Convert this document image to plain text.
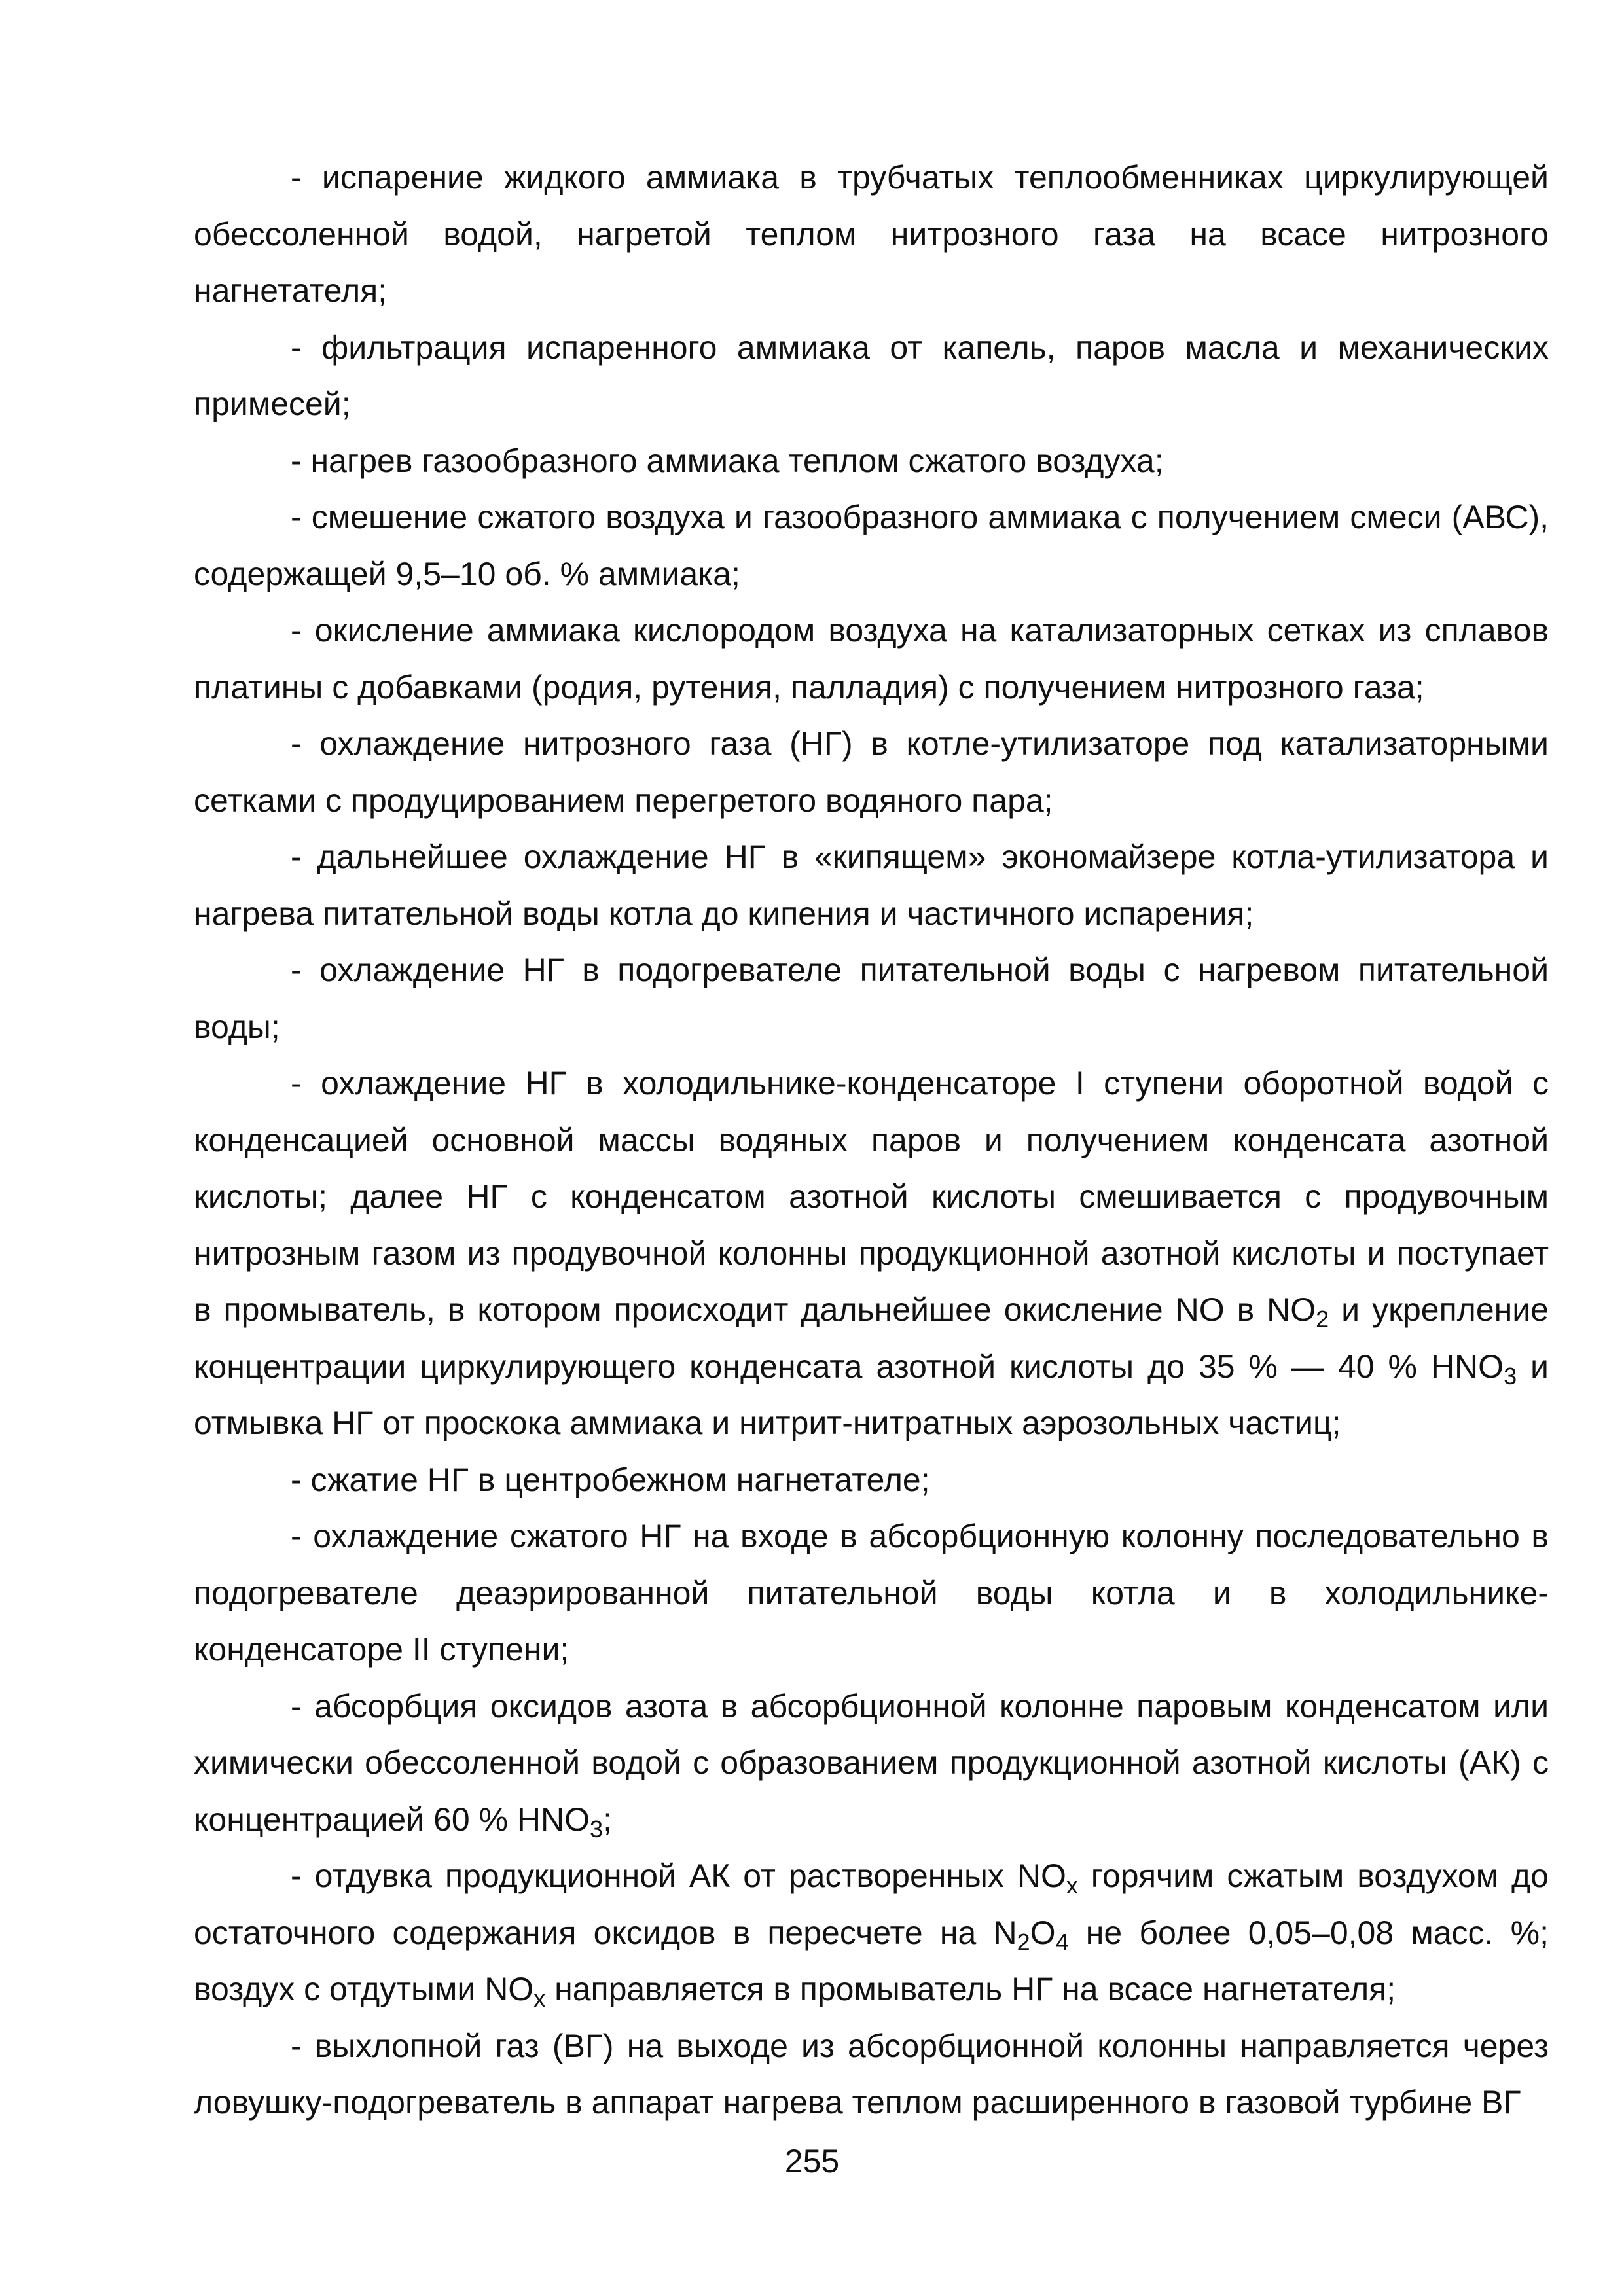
- испарение жидкого аммиака в трубчатых теплообменниках циркулирующей обессоленной водой, нагретой теплом нитрозного газа на всасе нитрозного нагнетателя;

- фильтрация испаренного аммиака от капель, паров масла и механических примесей;

- нагрев газообразного аммиака теплом сжатого воздуха;

- смешение сжатого воздуха и газообразного аммиака с получением смеси (АВС), содержащей 9,5–10 об. % аммиака;

- окисление аммиака кислородом воздуха на катализаторных сетках из сплавов платины с добавками (родия, рутения, палладия) с получением нитрозного газа;

- охлаждение нитрозного газа (НГ) в котле-утилизаторе под катализаторными сетками с продуцированием перегретого водяного пара;

- дальнейшее охлаждение НГ в «кипящем» экономайзере котла-утилизатора и нагрева питательной воды котла до кипения и частичного испарения;

- охлаждение НГ в подогревателе питательной воды с нагревом питательной воды;

- охлаждение НГ в холодильнике-конденсаторе I ступени оборотной водой с конденсацией основной массы водяных паров и получением конденсата азотной кислоты; далее НГ с конденсатом азотной кислоты смешивается с продувочным нитрозным газом из продувочной колонны продукционной азотной кислоты и поступает в промыватель, в котором происходит дальнейшее окисление NO в $NO_2$ и укрепление концентрации циркулирующего конденсата азотной кислоты до 35 % — 40 % $HNO_3$ и отмывка НГ от проскока аммиака и нитрит-нитратных аэрозольных частиц;

- сжатие НГ в центробежном нагнетателе;

- охлаждение сжатого НГ на входе в абсорбционную колонну последовательно в подогревателе деаэрированной питательной воды котла и в холодильнике-конденсаторе II ступени;

- абсорбция оксидов азота в абсорбционной колонне паровым конденсатом или химически обессоленной водой с образованием продукционной азотной кислоты (АК) с концентрацией 60 % $HNO_3$;

- отдувка продукционной АК от растворенных $NO_x$ горячим сжатым воздухом до остаточного содержания оксидов в пересчете на $N_2O_4$ не более 0,05–0,08 масс. %; воздух с отдутыми $NO_x$ направляется в промыватель НГ на всасе нагнетателя;

- выхлопной газ (ВГ) на выходе из абсорбционной колонны направляется через ловушку-подогреватель в аппарат нагрева теплом расширенного в газовой турбине ВГ

255
